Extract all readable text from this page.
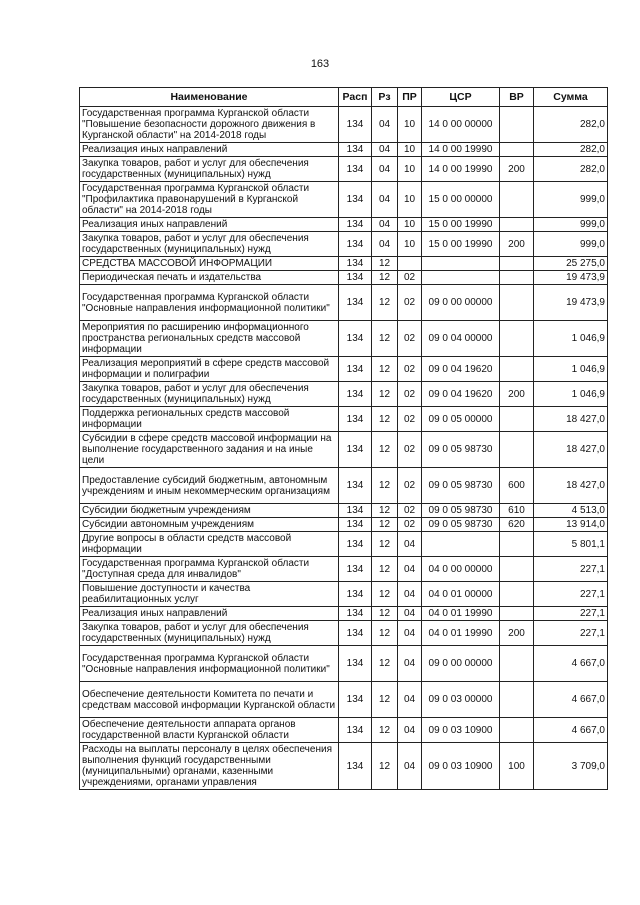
163
Наименование	Расп	Рз	ПР	ЦСР	ВР	Сумма
Государственная программа Курганской области "Повышение безопасности дорожного движения в Курганской области" на 2014-2018 годы	134	04	10	14 0 00 00000		282,0
Реализация иных направлений	134	04	10	14 0 00 19990		282,0
Закупка товаров, работ и услуг для обеспечения государственных (муниципальных) нужд	134	04	10	14 0 00 19990	200	282,0
Государственная программа Курганской области "Профилактика правонарушений в Курганской области" на 2014-2018 годы	134	04	10	15 0 00 00000		999,0
Реализация иных направлений	134	04	10	15 0 00 19990		999,0
Закупка товаров, работ и услуг для обеспечения государственных (муниципальных) нужд	134	04	10	15 0 00 19990	200	999,0
СРЕДСТВА МАССОВОЙ ИНФОРМАЦИИ	134	12				25 275,0
Периодическая печать и издательства	134	12	02			19 473,9
Государственная программа Курганской области "Основные направления информационной политики"	134	12	02	09 0 00 00000		19 473,9
Мероприятия по расширению информационного пространства региональных средств массовой информации	134	12	02	09 0 04 00000		1 046,9
Реализация мероприятий в сфере средств массовой информации и полиграфии	134	12	02	09 0 04 19620		1 046,9
Закупка товаров, работ и услуг для обеспечения государственных (муниципальных) нужд	134	12	02	09 0 04 19620	200	1 046,9
Поддержка региональных средств массовой информации	134	12	02	09 0 05 00000		18 427,0
Субсидии в сфере средств массовой информации на выполнение государственного задания и на иные цели	134	12	02	09 0 05 98730		18 427,0
Предоставление субсидий бюджетным, автономным учреждениям и иным некоммерческим организациям	134	12	02	09 0 05 98730	600	18 427,0
Субсидии бюджетным учреждениям	134	12	02	09 0 05 98730	610	4 513,0
Субсидии автономным учреждениям	134	12	02	09 0 05 98730	620	13 914,0
Другие вопросы в области средств массовой информации	134	12	04			5 801,1
Государственная программа Курганской области "Доступная среда для инвалидов"	134	12	04	04 0 00 00000		227,1
Повышение доступности и качества реабилитационных услуг	134	12	04	04 0 01 00000		227,1
Реализация иных направлений	134	12	04	04 0 01 19990		227,1
Закупка товаров, работ и услуг для обеспечения государственных (муниципальных) нужд	134	12	04	04 0 01 19990	200	227,1
Государственная программа Курганской области "Основные направления информационной политики"	134	12	04	09 0 00 00000		4 667,0
Обеспечение деятельности Комитета по печати и средствам массовой информации Курганской области	134	12	04	09 0 03 00000		4 667,0
Обеспечение деятельности аппарата органов государственной власти Курганской области	134	12	04	09 0 03 10900		4 667,0
Расходы на выплаты персоналу в целях обеспечения выполнения функций государственными (муниципальными) органами, казенными учреждениями, органами управления	134	12	04	09 0 03 10900	100	3 709,0
